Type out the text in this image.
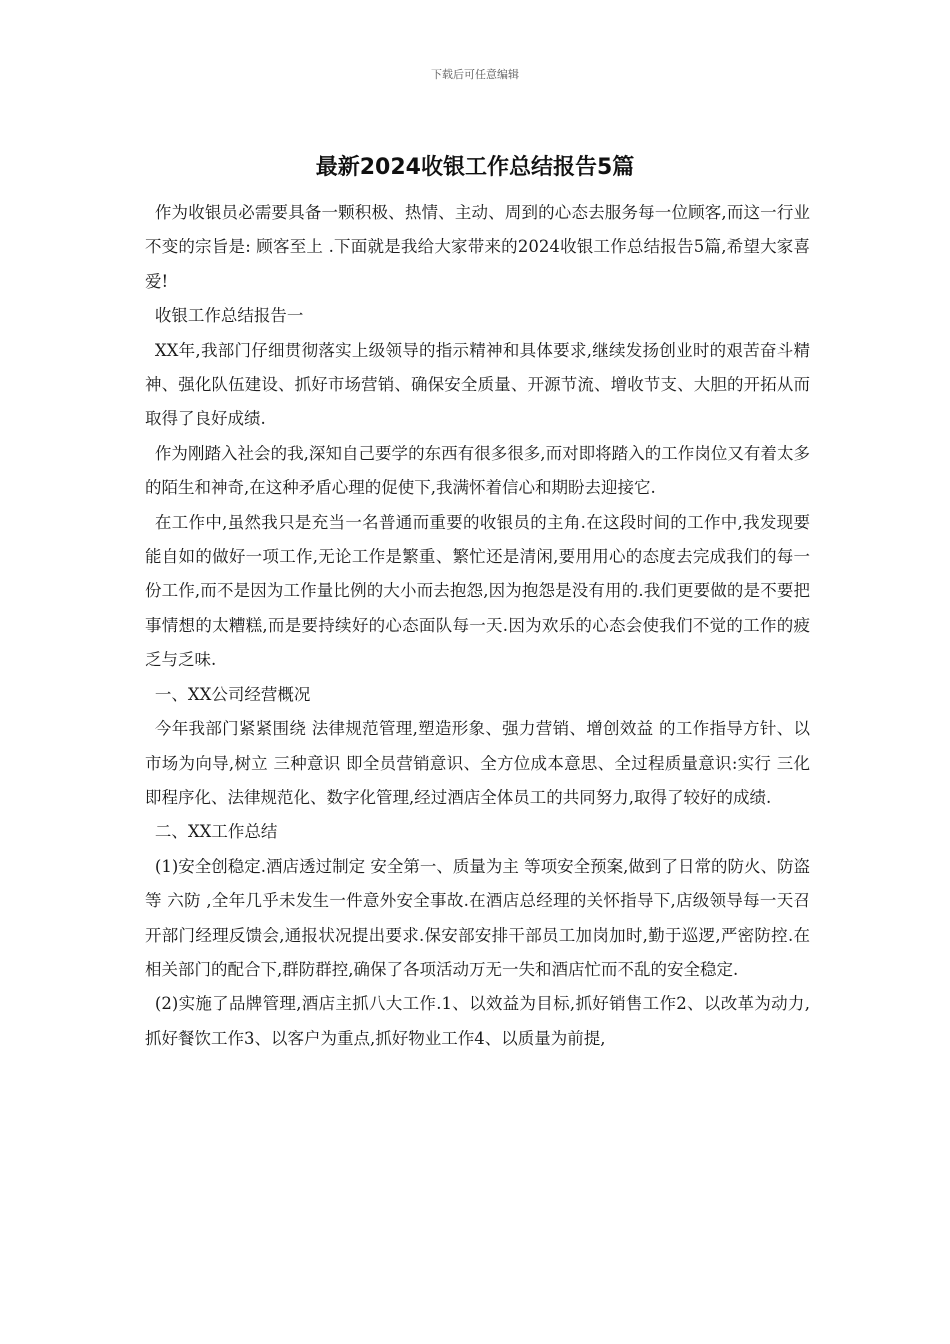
下载后可任意编辑
最新2024收银工作总结报告5篇

作为收银员必需要具备一颗积极、热情、主动、周到的心态去服务每一位顾客,而这一行业不变的宗旨是: 顾客至上 .下面就是我给大家带来的2024收银工作总结报告5篇,希望大家喜爱!

收银工作总结报告一

XX年,我部门仔细贯彻落实上级领导的指示精神和具体要求,继续发扬创业时的艰苦奋斗精神、强化队伍建设、抓好市场营销、确保安全质量、开源节流、增收节支、大胆的开拓从而取得了良好成绩.

作为刚踏入社会的我,深知自己要学的东西有很多很多,而对即将踏入的工作岗位又有着太多的陌生和神奇,在这种矛盾心理的促使下,我满怀着信心和期盼去迎接它.

在工作中,虽然我只是充当一名普通而重要的收银员的主角.在这段时间的工作中,我发现要能自如的做好一项工作,无论工作是繁重、繁忙还是清闲,要用用心的态度去完成我们的每一份工作,而不是因为工作量比例的大小而去抱怨,因为抱怨是没有用的.我们更要做的是不要把事情想的太糟糕,而是要持续好的心态面队每一天.因为欢乐的心态会使我们不觉的工作的疲乏与乏味.

一、XX公司经营概况

今年我部门紧紧围绕 法律规范管理,塑造形象、强力营销、增创效益 的工作指导方针、以市场为向导,树立 三种意识 即全员营销意识、全方位成本意思、全过程质量意识:实行 三化 即程序化、法律规范化、数字化管理,经过酒店全体员工的共同努力,取得了较好的成绩.

二、XX工作总结

(1)安全创稳定.酒店透过制定 安全第一、质量为主 等项安全预案,做到了日常的防火、防盗等 六防 ,全年几乎未发生一件意外安全事故.在酒店总经理的关怀指导下,店级领导每一天召开部门经理反馈会,通报状况提出要求.保安部安排干部员工加岗加时,勤于巡逻,严密防控.在相关部门的配合下,群防群控,确保了各项活动万无一失和酒店忙而不乱的安全稳定.

(2)实施了品牌管理,酒店主抓八大工作.1、以效益为目标,抓好销售工作2、以改革为动力,抓好餐饮工作3、以客户为重点,抓好物业工作4、以质量为前提,
